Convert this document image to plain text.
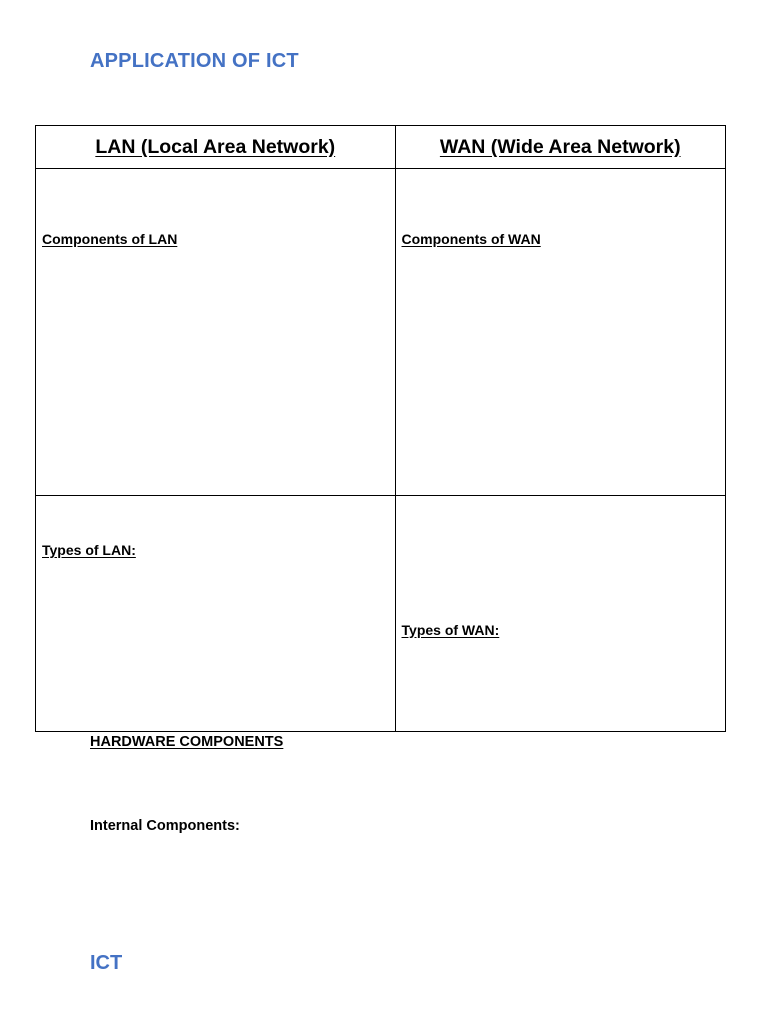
APPLICATION OF ICT
LAN (Local Area Network)	WAN (Wide Area Network)

Components of LAN	Components of WAN

Types of LAN:	Types of WAN:
HARDWARE COMPONENTS
Internal Components:
ICT
